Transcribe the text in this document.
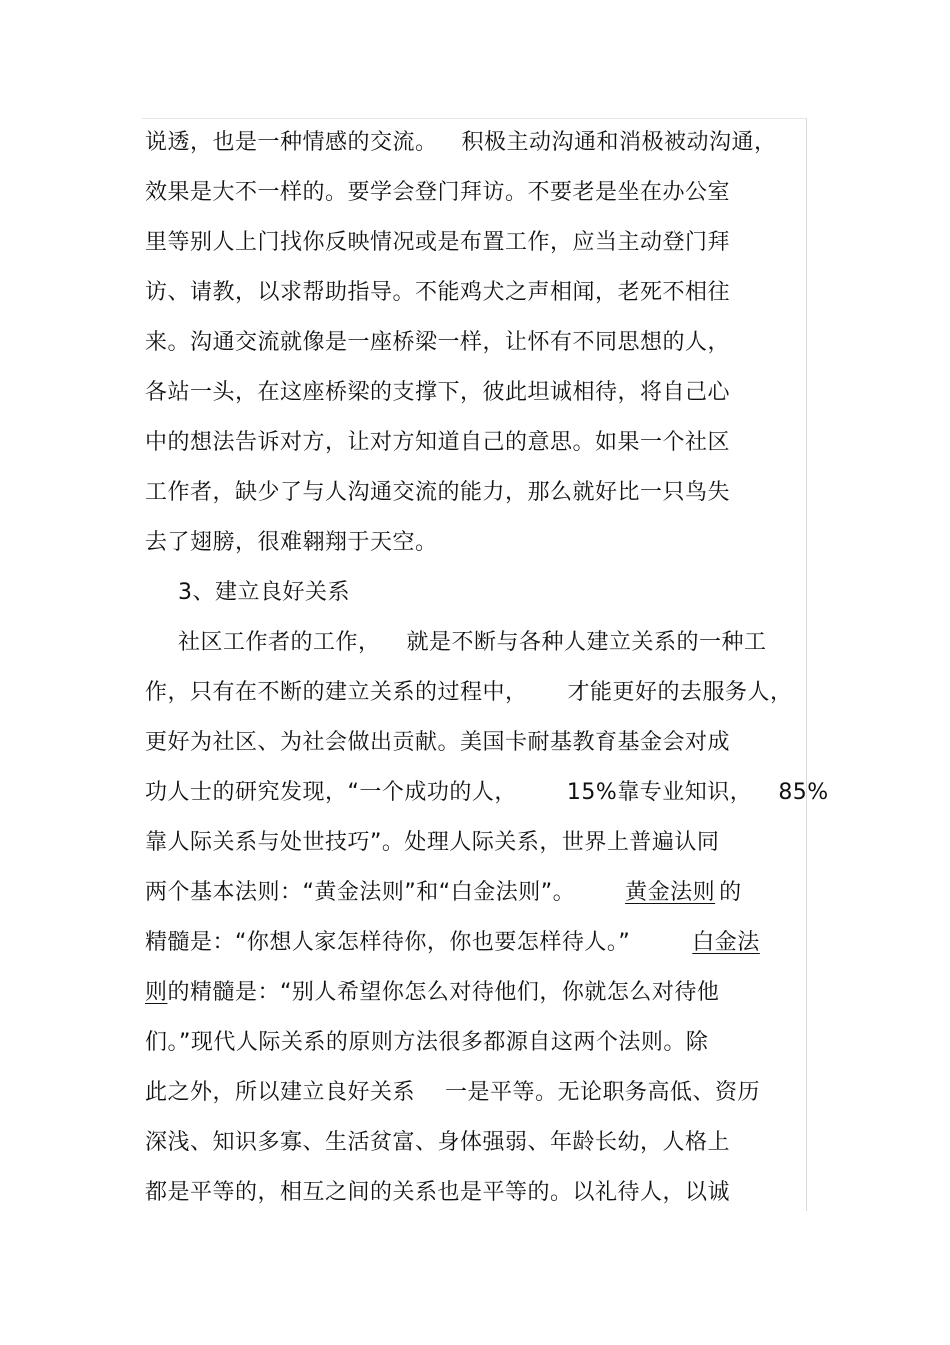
说透，也是一种情感的交流。 积极主动沟通和消极被动沟通，
效果是大不一样的。要学会登门拜访。不要老是坐在办公室
里等别人上门找你反映情况或是布置工作，应当主动登门拜
访、请教，以求帮助指导。不能鸡犬之声相闻，老死不相往
来。沟通交流就像是一座桥梁一样，让怀有不同思想的人，
各站一头，在这座桥梁的支撑下，彼此坦诚相待，将自己心
中的想法告诉对方，让对方知道自己的意思。如果一个社区
工作者，缺少了与人沟通交流的能力，那么就好比一只鸟失
去了翅膀，很难翱翔于天空。
3、建立良好关系
社区工作者的工作， 就是不断与各种人建立关系的一种工
作，只有在不断的建立关系的过程中， 才能更好的去服务人，
更好为社区、为社会做出贡献。美国卡耐基教育基金会对成
功人士的研究发现，“一个成功的人， 15%靠专业知识， 85%
靠人际关系与处世技巧”。处理人际关系，世界上普遍认同
两个基本法则：“黄金法则”和“白金法则”。 黄金法则 的
精髓是：“你想人家怎样待你，你也要怎样待人。”	白金法
则的精髓是：“别人希望你怎么对待他们，你就怎么对待他
们。”现代人际关系的原则方法很多都源自这两个法则。除
此之外，所以建立良好关系 一是平等。无论职务高低、资历
深浅、知识多寡、生活贫富、身体强弱、年龄长幼，人格上
都是平等的，相互之间的关系也是平等的。以礼待人，以诚
